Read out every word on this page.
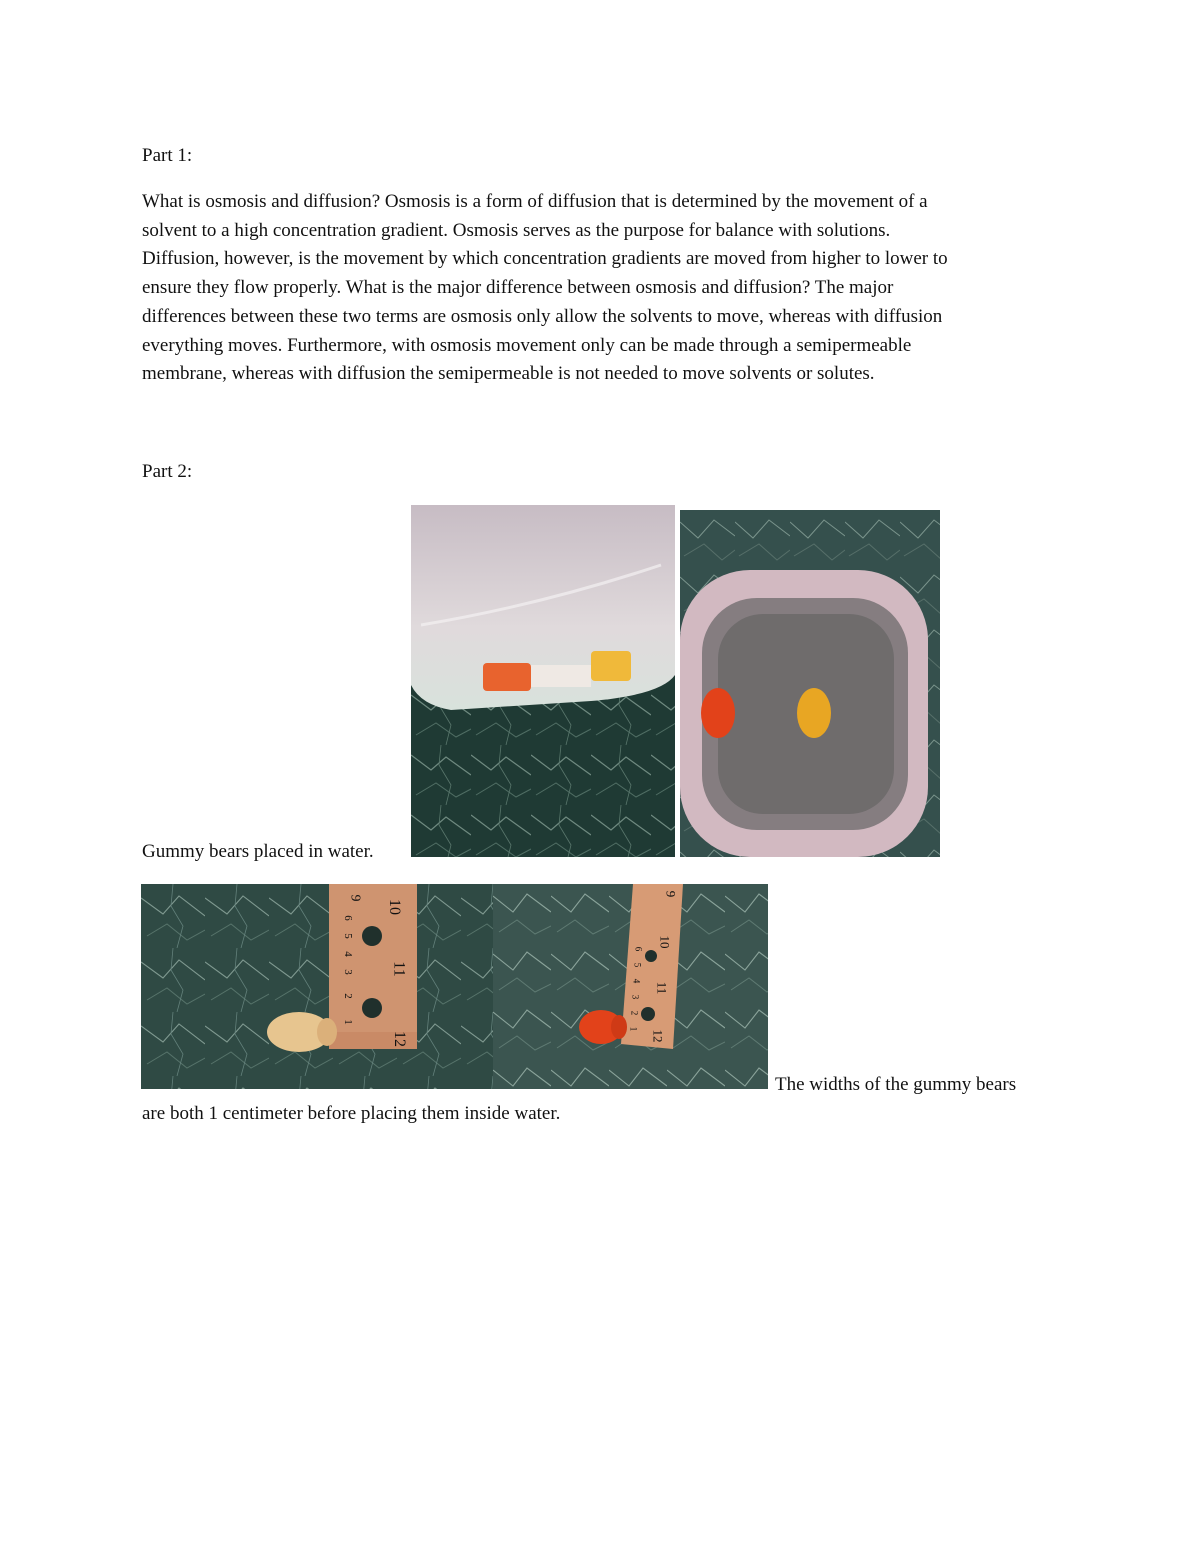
Part 1:
What is osmosis and diffusion? Osmosis is a form of diffusion that is determined by the movement of a
solvent to a high concentration gradient. Osmosis serves as the purpose for balance with solutions.
Diffusion, however, is the movement by which concentration gradients are moved from higher to lower to
ensure they flow properly. What is the major difference between osmosis and diffusion? The major
differences between these two terms are osmosis only allow the solvents to move, whereas with diffusion
everything moves. Furthermore, with osmosis movement only can be made through a semipermeable
membrane, whereas with diffusion the semipermeable is not needed to move solvents or solutes.
Part 2:
Gummy bears placed in water.
9
10
11
12
1
2
3
4
5
6
9
10
11
12
1
2
3
4
5
6
The widths of the gummy bears
are both 1 centimeter before placing them inside water.
